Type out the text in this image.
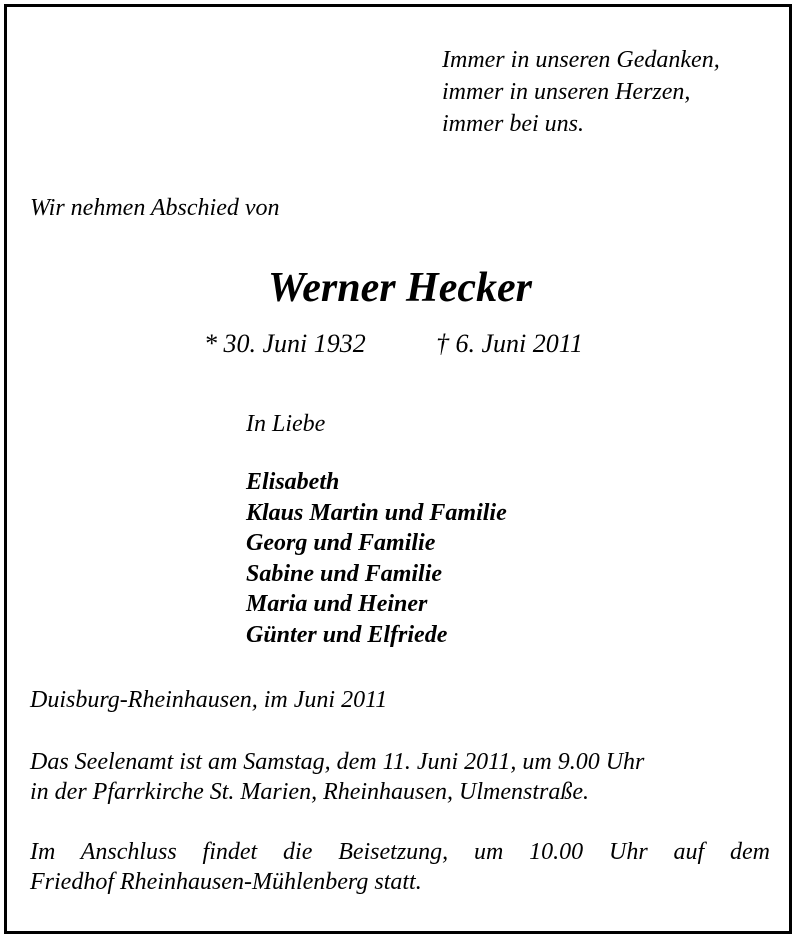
Immer in unseren Gedanken,
immer in unseren Herzen,
immer bei uns.
Wir nehmen Abschied von
Werner Hecker
* 30. Juni 1932	† 6. Juni 2011
In Liebe
Elisabeth
Klaus Martin und Familie
Georg und Familie
Sabine und Familie
Maria und Heiner
Günter und Elfriede
Duisburg-Rheinhausen, im Juni 2011
Das Seelenamt ist am Samstag, dem 11. Juni 2011, um 9.00 Uhr
in der Pfarrkirche St. Marien, Rheinhausen, Ulmenstraße.
Im Anschluss findet die Beisetzung, um 10.00 Uhr auf dem
Friedhof Rheinhausen-Mühlenberg statt.
